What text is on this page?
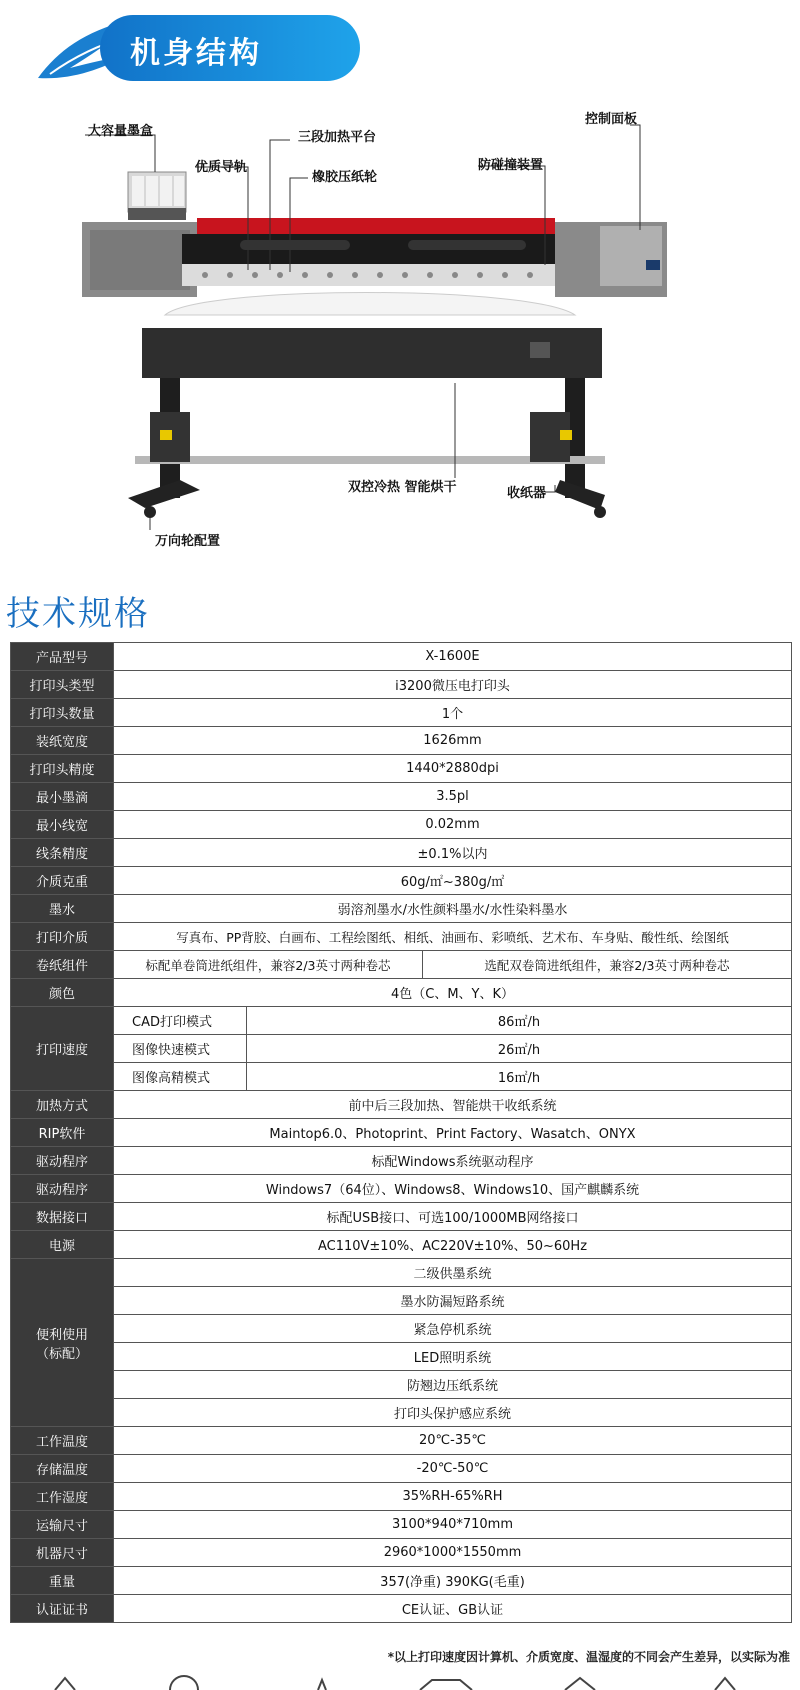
机身结构
大容量墨盒
优质导轨
三段加热平台
橡胶压纸轮
防碰撞装置
控制面板
双控冷热 智能烘干	收纸器
万向轮配置
技术规格
产品型号	X-1600E		
打印头类型	i3200微压电打印头		
打印头数量	1个		
装纸宽度	1626mm		
打印头精度	1440*2880dpi		
最小墨滴	3.5pl		
最小线宽	0.02mm		
线条精度	±0.1%以内		
介质克重	60g/㎡~380g/㎡		
墨水	弱溶剂墨水/水性颜料墨水/水性染料墨水		
打印介质	写真布、PP背胶、白画布、工程绘图纸、相纸、油画布、彩喷纸、艺术布、车身贴、酸性纸、绘图纸		
卷纸组件	标配单卷筒进纸组件，兼容2/3英寸两种卷芯		选配双卷筒进纸组件，兼容2/3英寸两种卷芯
颜色	4色（C、M、Y、K）		
打印速度	CAD打印模式	86㎡/h	
	图像快速模式	26㎡/h	
	图像高精模式	16㎡/h	
加热方式	前中后三段加热、智能烘干收纸系统		
RIP软件	Maintop6.0、Photoprint、Print Factory、Wasatch、ONYX		
驱动程序	标配Windows系统驱动程序		
驱动程序	Windows7（64位）、Windows8、Windows10、国产麒麟系统		
数据接口	标配USB接口、可选100/1000MB网络接口		
电源	AC110V±10%、AC220V±10%、50~60Hz		
便利使用
（标配）	二级供墨系统		
	墨水防漏短路系统		
	紧急停机系统		
	LED照明系统		
	防翘边压纸系统		
	打印头保护感应系统		
工作温度	20℃-35℃		
存储温度	-20℃-50℃		
工作湿度	35%RH-65%RH		
运输尺寸	3100*940*710mm		
机器尺寸	2960*1000*1550mm		
重量	357(净重) 390KG(毛重)		
认证证书	CE认证、GB认证		
*以上打印速度因计算机、介质宽度、温湿度的不同会产生差异，以实际为准
